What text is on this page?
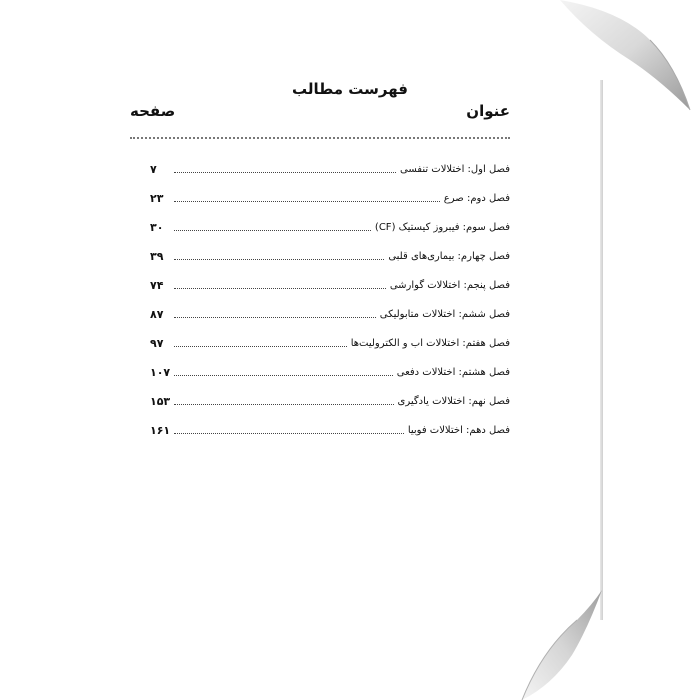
فهرست مطالب
عنوان
صفحه
فصل اول: اختلالات تنفسی
۷
فصل دوم: صرع
۲۳
فصل سوم: فیبروز کیستیک (CF)
۳۰
فصل چهارم: بیماری‌های قلبی
۳۹
فصل پنجم: اختلالات گوارشی
۷۴
فصل ششم: اختلالات متابولیکی
۸۷
فصل هفتم: اختلالات اب و الکترولیت‌ها
۹۷
فصل هشتم: اختلالات دفعی
۱۰۷
فصل نهم: اختلالات یادگیری
۱۵۳
فصل دهم: اختلالات فوبیا
۱۶۱
